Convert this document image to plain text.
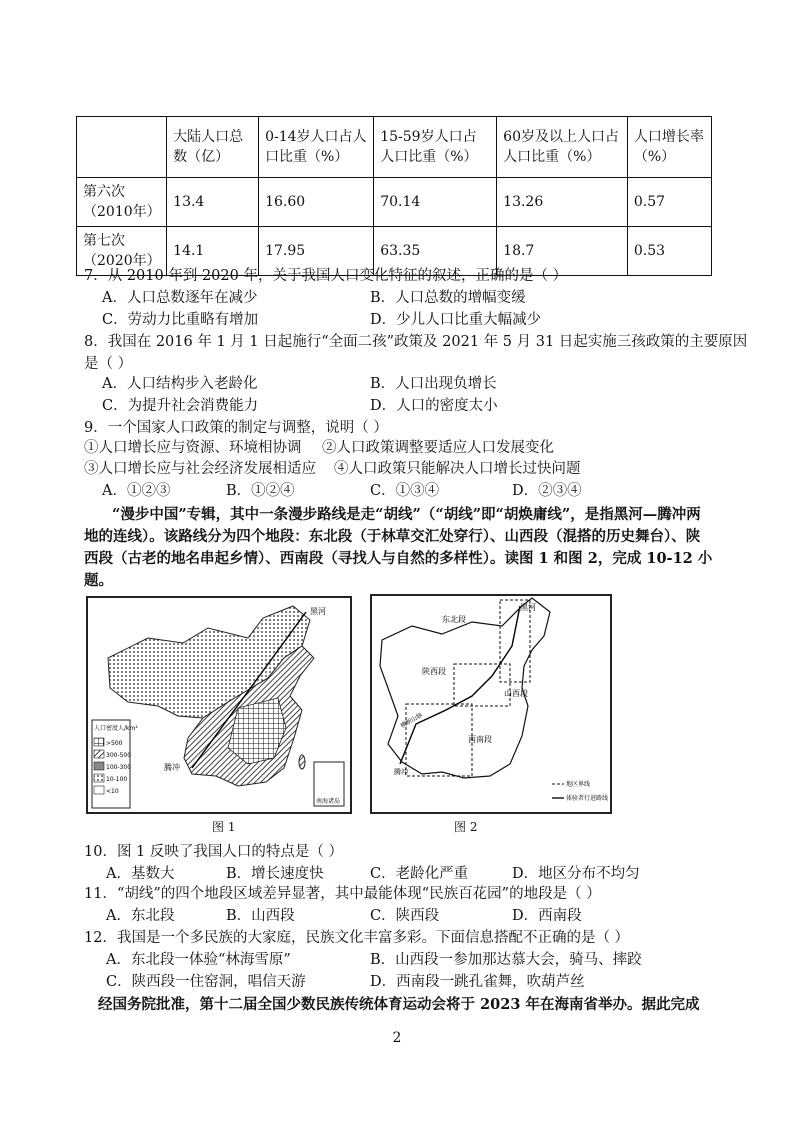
	大陆人口总数（亿）	0-14岁人口占人口比重（%）	15-59岁人口占人口比重（%）	60岁及以上人口占人口比重（%）	人口增长率（%）
第六次（2010年）	13.4	16.60	70.14	13.26	0.57
第七次（2020年）	14.1	17.95	63.35	18.7	0.53
7．从 2010 年到 2020 年，关于我国人口变化特征的叙述，正确的是（ ）
A．人口总数逐年在减少	B．人口总数的增幅变缓
C．劳动力比重略有增加	D．少儿人口比重大幅减少
8．我国在 2016 年 1 月 1 日起施行“全面二孩”政策及 2021 年 5 月 31 日起实施三孩政策的主要原因
是（ ）
A．人口结构步入老龄化	B．人口出现负增长
C．为提升社会消费能力	D．人口的密度太小
9．一个国家人口政策的制定与调整，说明（ ）
①人口增长应与资源、环境相协调 ②人口政策调整要适应人口发展变化
③人口增长应与社会经济发展相适应 ④人口政策只能解决人口增长过快问题
A．①②③	B．①②④	C．①③④	D．②③④
“漫步中国”专辑，其中一条漫步路线是走“胡线”（“胡线”即“胡焕庸线”，是指黑河—腾冲两地的连线）。该路线分为四个地段：东北段（于林草交汇处穿行）、山西段（混搭的历史舞台）、陕西段（古老的地名串起乡情）、西南段（寻找人与自然的多样性）。读图 1 和图 2，完成 10-12 小题。
黑河
腾冲
南海诸岛
人口密度人/km²
>500
300-500
100-300
10-100
<10
图 1
东北段
黑河
陕西段
山西段
西南段
腾冲
横断山脉
地区界线
体验者行进路线
图 2
10．图 1 反映了我国人口的特点是（ ）
A．基数大	B．增长速度快	C．老龄化严重	D．地区分布不均匀
11．“胡线”的四个地段区域差异显著，其中最能体现“民族百花园”的地段是（ ）
A．东北段	B．山西段	C．陕西段	D．西南段
12．我国是一个多民族的大家庭，民族文化丰富多彩。下面信息搭配不正确的是（ ）
A．东北段一体验“林海雪原”	B．山西段一参加那达慕大会，骑马、摔跤
C．陕西段一住窑洞，唱信天游	D．西南段一跳孔雀舞，吹葫芦丝
经国务院批准，第十二届全国少数民族传统体育运动会将于 2023 年在海南省举办。据此完成
2
